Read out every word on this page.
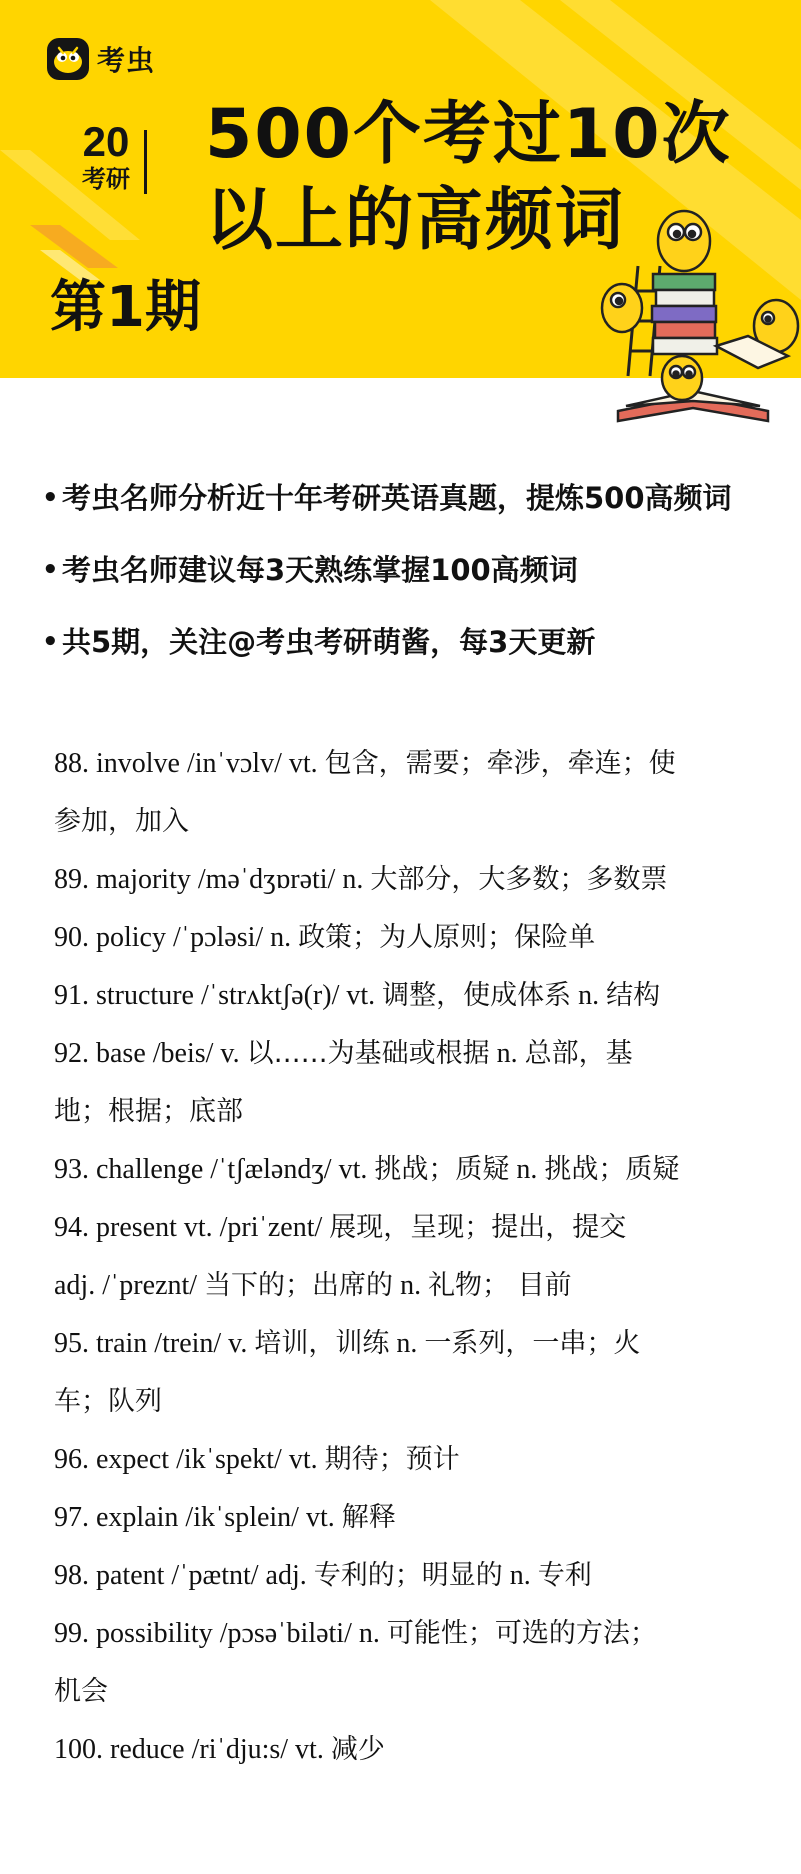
考虫
20
考研
500个考过10次
以上的高频词
第1期
• 考虫名师分析近十年考研英语真题，提炼500高频词
• 考虫名师建议每3天熟练掌握100高频词
• 共5期，关注@考虫考研萌酱，每3天更新

88. involve /inˈvɔlv/ vt. 包含，需要；牵涉，牵连；使
参加，加入

89. majority /məˈdʒɒrəti/ n. 大部分，大多数；多数票

90. policy /ˈpɔləsi/ n. 政策；为人原则；保险单

91. structure /ˈstrʌktʃə(r)/ vt. 调整，使成体系 n. 结构

92. base /beis/ v. 以……为基础或根据 n. 总部，基
地；根据；底部

93. challenge /ˈtʃæləndʒ/ vt. 挑战；质疑 n. 挑战；质疑

94. present vt. /priˈzent/ 展现，呈现；提出，提交
adj. /ˈpreznt/ 当下的；出席的 n. 礼物； 目前

95. train /trein/ v. 培训，训练 n. 一系列，一串；火
车；队列

96. expect /ikˈspekt/ vt. 期待；预计

97. explain /ikˈsplein/ vt. 解释

98. patent /ˈpætnt/ adj. 专利的；明显的 n. 专利

99. possibility /pɔsəˈbiləti/ n. 可能性；可选的方法；
机会

100. reduce /riˈdju:s/ vt. 减少
